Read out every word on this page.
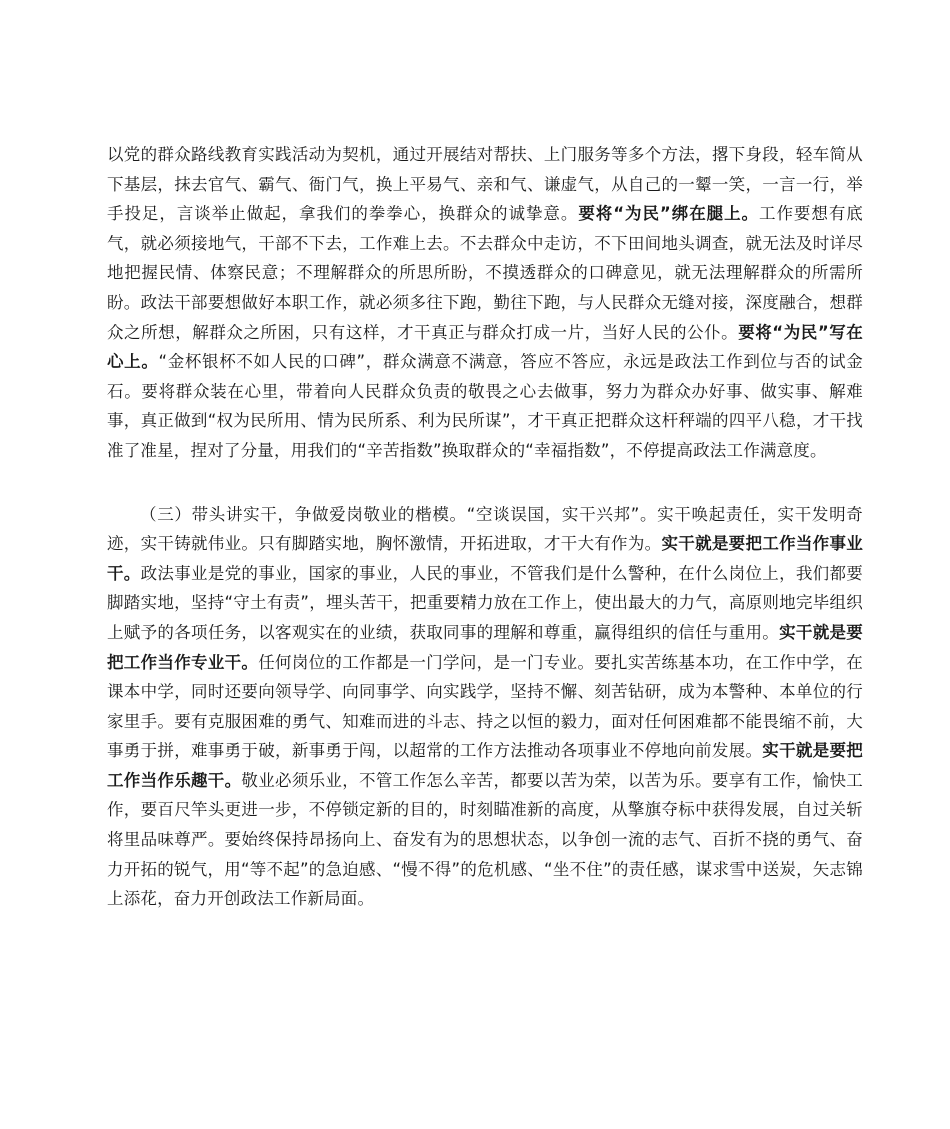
以党的群众路线教育实践活动为契机，通过开展结对帮扶、上门服务等多个方法，撂下身段，轻车简从下基层，抹去官气、霸气、衙门气，换上平易气、亲和气、谦虚气，从自己的一颦一笑，一言一行，举手投足，言谈举止做起，拿我们的拳拳心，换群众的诚挚意。要将“为民”绑在腿上。工作要想有底气，就必须接地气，干部不下去，工作难上去。不去群众中走访，不下田间地头调查，就无法及时详尽地把握民情、体察民意；不理解群众的所思所盼，不摸透群众的口碑意见，就无法理解群众的所需所盼。政法干部要想做好本职工作，就必须多往下跑，勤往下跑，与人民群众无缝对接，深度融合，想群众之所想，解群众之所困，只有这样，才干真正与群众打成一片，当好人民的公仆。要将“为民”写在心上。“金杯银杯不如人民的口碑”，群众满意不满意，答应不答应，永远是政法工作到位与否的试金石。要将群众装在心里，带着向人民群众负责的敬畏之心去做事，努力为群众办好事、做实事、解难事，真正做到“权为民所用、情为民所系、利为民所谋”，才干真正把群众这杆秤端的四平八稳，才干找准了准星，捏对了分量，用我们的“辛苦指数”换取群众的“幸福指数”，不停提高政法工作满意度。

（三）带头讲实干，争做爱岗敬业的楷模。“空谈误国，实干兴邦”。实干唤起责任，实干发明奇迹，实干铸就伟业。只有脚踏实地，胸怀激情，开拓进取，才干大有作为。实干就是要把工作当作事业干。政法事业是党的事业，国家的事业，人民的事业，不管我们是什么警种，在什么岗位上，我们都要脚踏实地，坚持“守土有责”，埋头苦干，把重要精力放在工作上，使出最大的力气，高原则地完毕组织上赋予的各项任务，以客观实在的业绩，获取同事的理解和尊重，赢得组织的信任与重用。实干就是要把工作当作专业干。任何岗位的工作都是一门学问，是一门专业。要扎实苦练基本功，在工作中学，在课本中学，同时还要向领导学、向同事学、向实践学，坚持不懈、刻苦钻研，成为本警种、本单位的行家里手。要有克服困难的勇气、知难而进的斗志、持之以恒的毅力，面对任何困难都不能畏缩不前，大事勇于拼，难事勇于破，新事勇于闯，以超常的工作方法推动各项事业不停地向前发展。实干就是要把工作当作乐趣干。敬业必须乐业，不管工作怎么辛苦，都要以苦为荣，以苦为乐。要享有工作，愉快工作，要百尺竿头更进一步，不停锁定新的目的，时刻瞄准新的高度，从擎旗夺标中获得发展，自过关斩将里品味尊严。要始终保持昂扬向上、奋发有为的思想状态，以争创一流的志气、百折不挠的勇气、奋力开拓的锐气，用“等不起”的急迫感、“慢不得”的危机感、“坐不住”的责任感，谋求雪中送炭，矢志锦上添花，奋力开创政法工作新局面。
